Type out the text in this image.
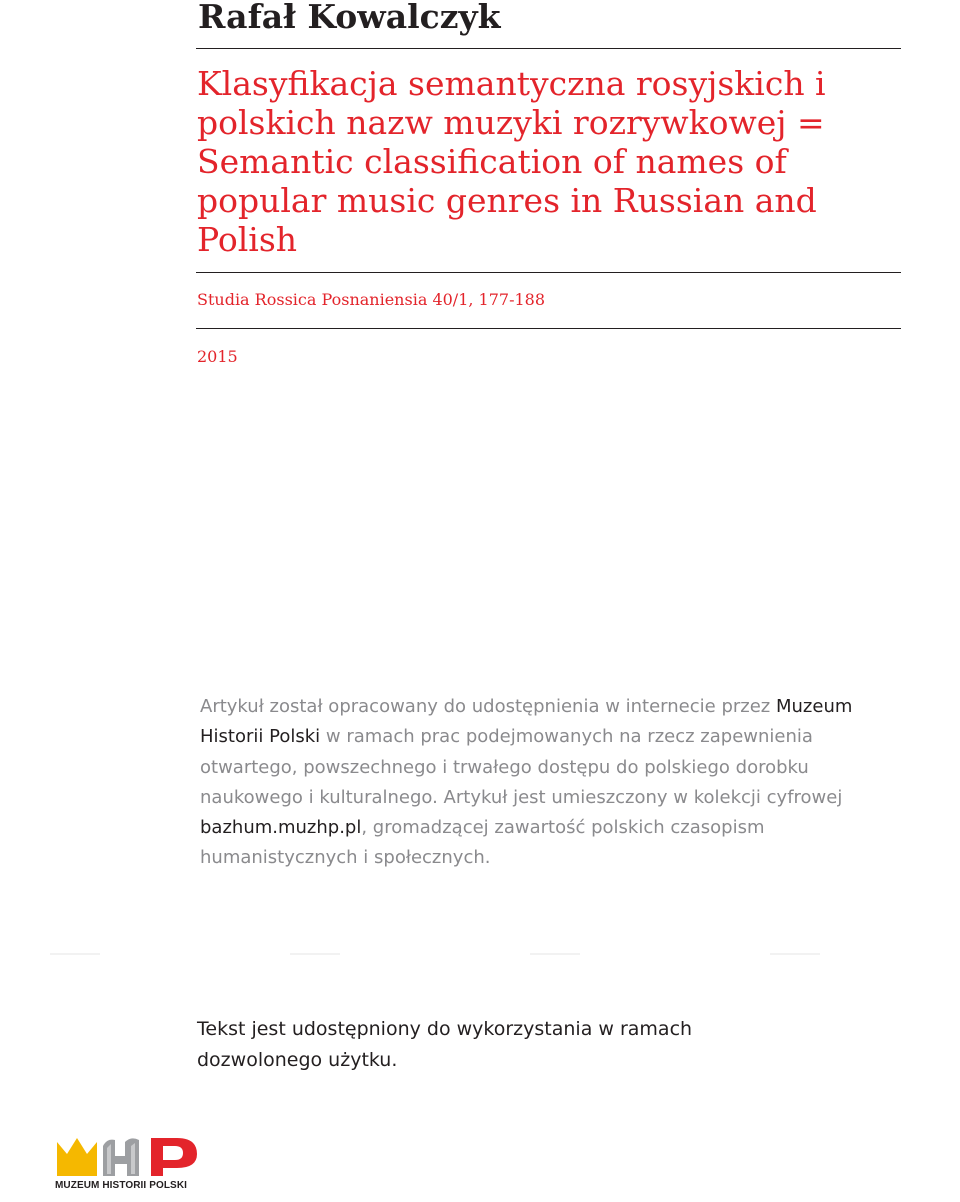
Rafał Kowalczyk
Klasyfikacja semantyczna rosyjskich i polskich nazw muzyki rozrywkowej = Semantic classification of names of popular music genres in Russian and Polish
Studia Rossica Posnaniensia 40/1, 177-188
2015

Artykuł został opracowany do udostępnienia w internecie przez Muzeum Historii Polski w ramach prac podejmowanych na rzecz zapewnienia otwartego, powszechnego i trwałego dostępu do polskiego dorobku naukowego i kulturalnego. Artykuł jest umieszczony w kolekcji cyfrowej bazhum.muzhp.pl, gromadzącej zawartość polskich czasopism humanistycznych i społecznych.

Tekst jest udostępniony do wykorzystania w ramach dozwolonego użytku.

MUZEUM HISTORII POLSKI
